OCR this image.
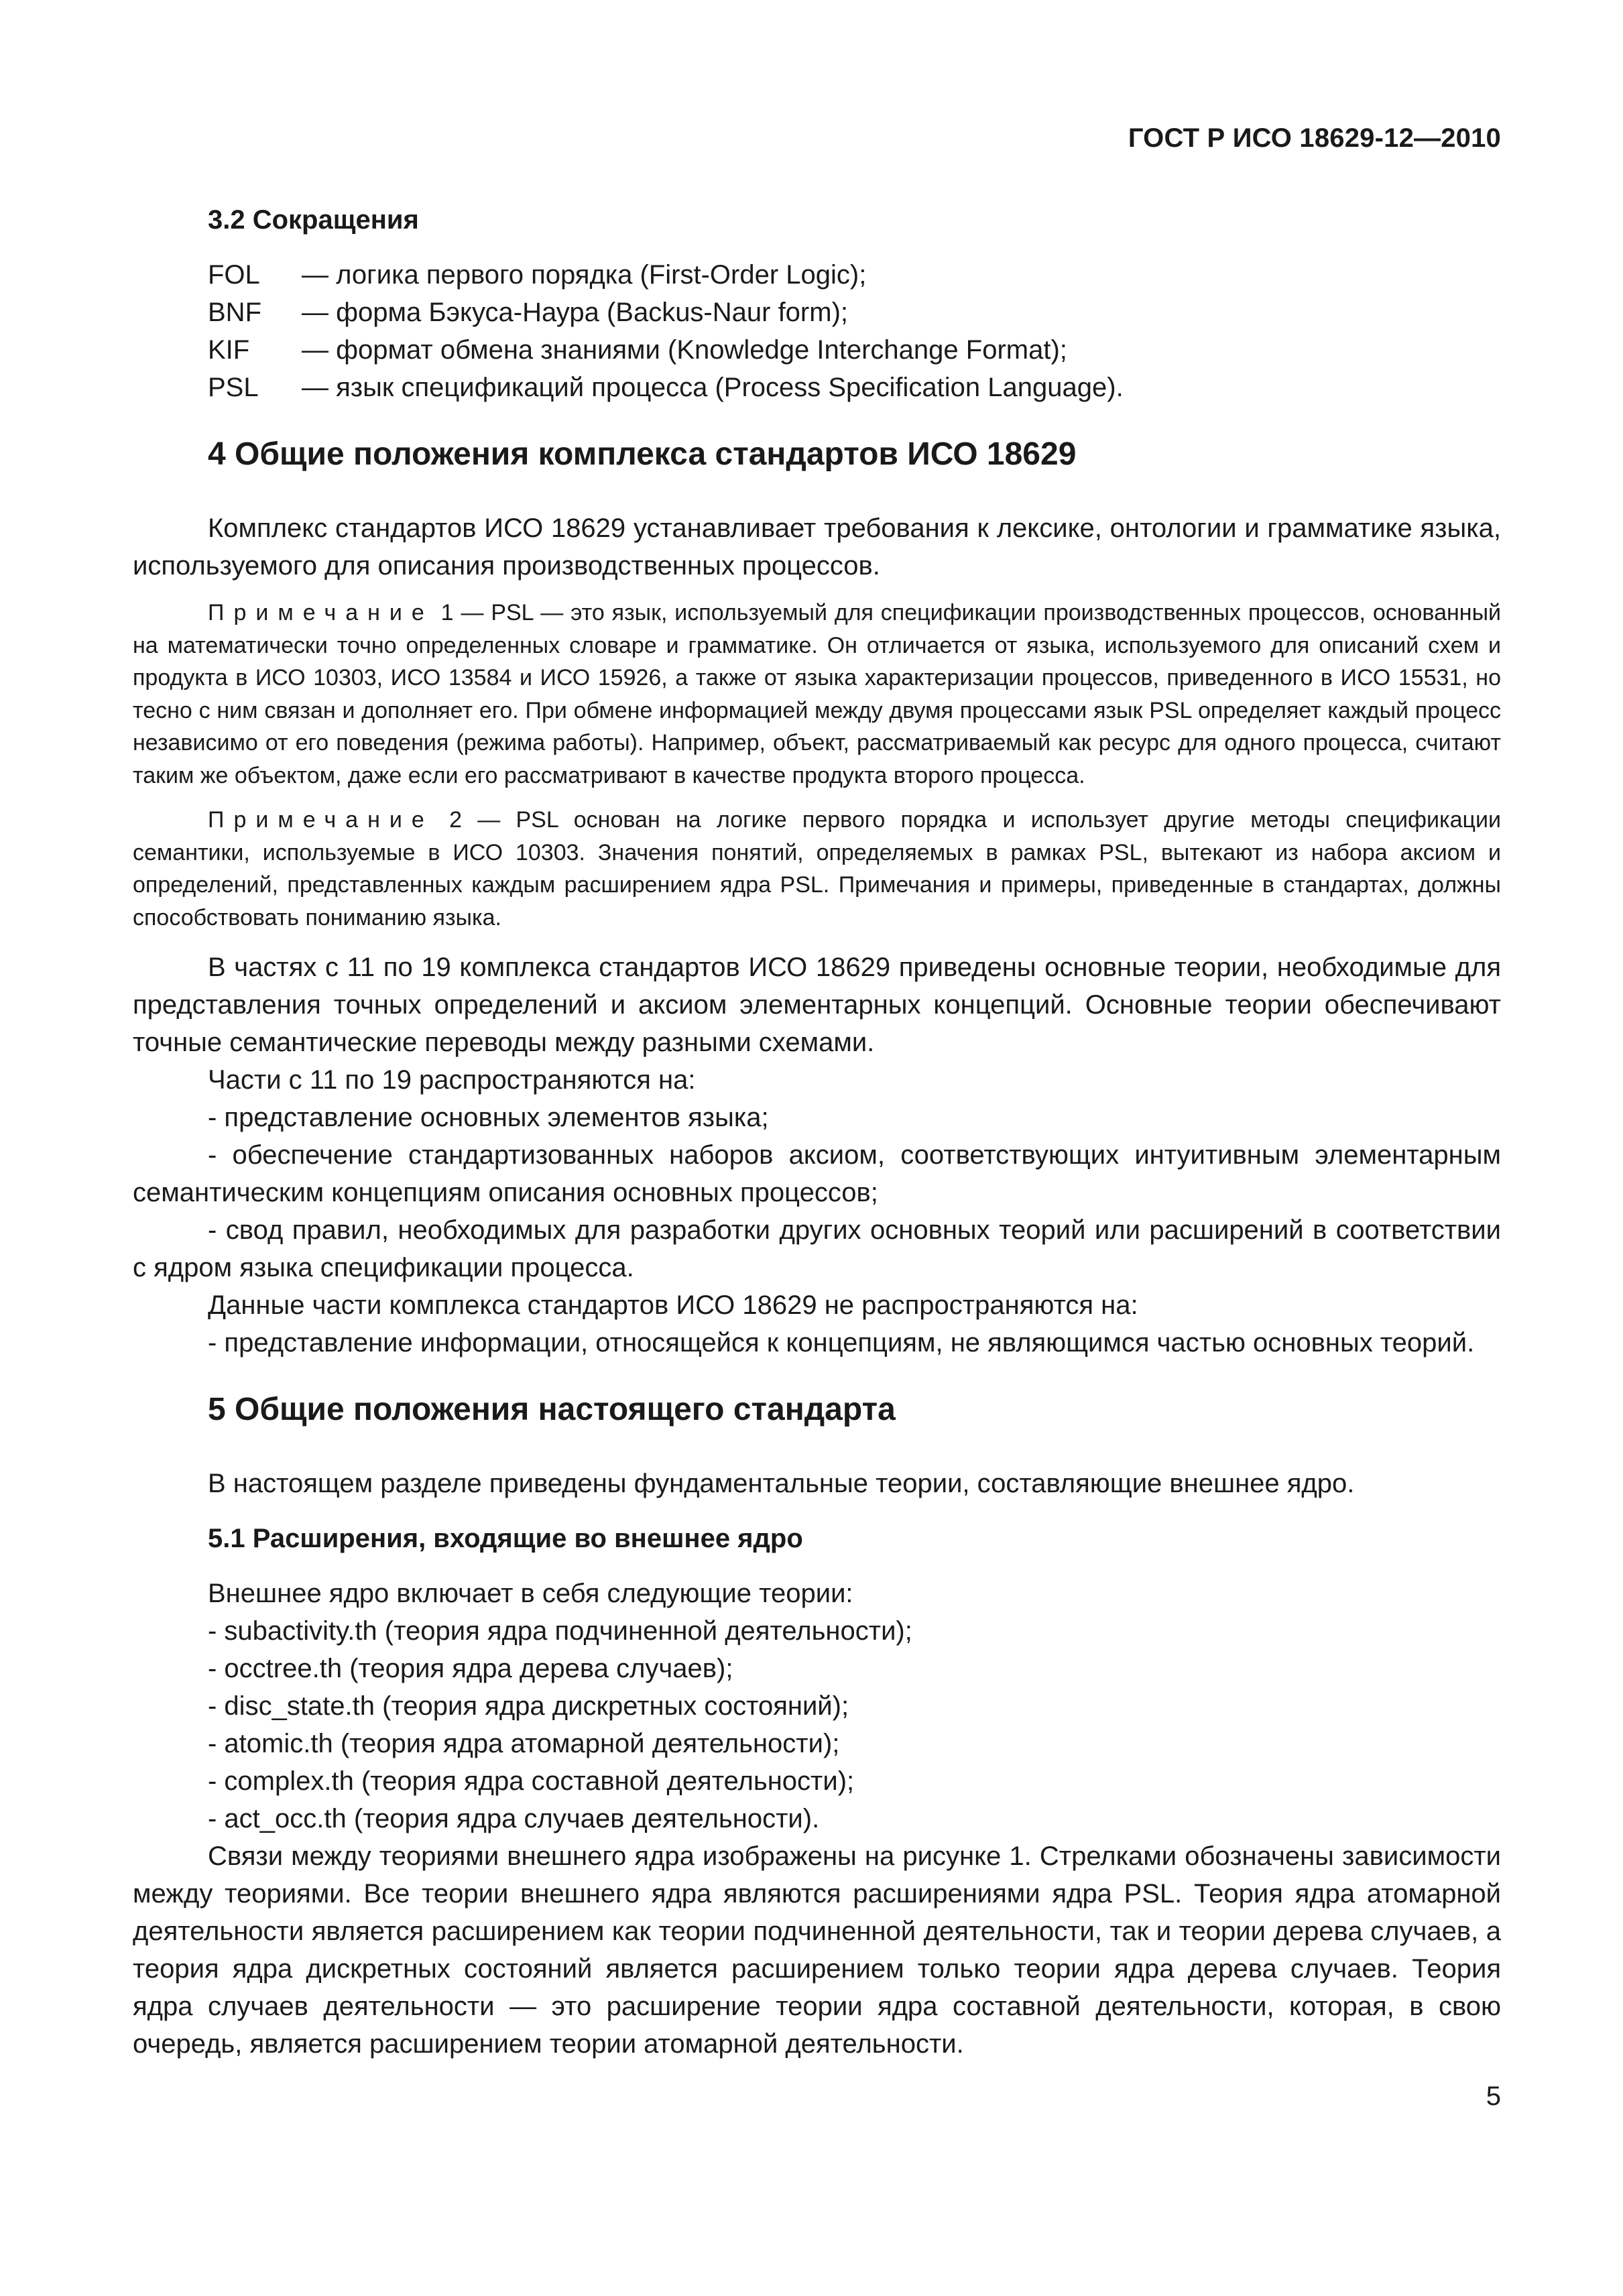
ГОСТ Р ИСО 18629-12—2010
3.2 Сокращения
FOL	— логика первого порядка (First-Order Logic);
BNF	— форма Бэкуса-Наура (Backus-Naur form);
KIF	— формат обмена знаниями (Knowledge Interchange Format);
PSL	— язык спецификаций процесса (Process Specification Language).
4 Общие положения комплекса стандартов ИСО 18629

Комплекс стандартов ИСО 18629 устанавливает требования к лексике, онтологии и грамматике языка, используемого для описания производственных процессов.

Примечание 1 — PSL — это язык, используемый для спецификации производственных процессов, основанный на математически точно определенных словаре и грамматике. Он отличается от языка, используемого для описаний схем и продукта в ИСО 10303, ИСО 13584 и ИСО 15926, а также от языка характеризации процессов, приведенного в ИСО 15531, но тесно с ним связан и дополняет его. При обмене информацией между двумя процессами язык PSL определяет каждый процесс независимо от его поведения (режима работы). Например, объект, рассматриваемый как ресурс для одного процесса, считают таким же объектом, даже если его рассматривают в качестве продукта второго процесса.

Примечание 2 — PSL основан на логике первого порядка и использует другие методы спецификации семантики, используемые в ИСО 10303. Значения понятий, определяемых в рамках PSL, вытекают из набора аксиом и определений, представленных каждым расширением ядра PSL. Примечания и примеры, приведенные в стандартах, должны способствовать пониманию языка.

В частях с 11 по 19 комплекса стандартов ИСО 18629 приведены основные теории, необходимые для представления точных определений и аксиом элементарных концепций. Основные теории обеспечивают точные семантические переводы между разными схемами.

Части с 11 по 19 распространяются на:

- представление основных элементов языка;

- обеспечение стандартизованных наборов аксиом, соответствующих интуитивным элементарным семантическим концепциям описания основных процессов;

- свод правил, необходимых для разработки других основных теорий или расширений в соответствии с ядром языка спецификации процесса.

Данные части комплекса стандартов ИСО 18629 не распространяются на:

- представление информации, относящейся к концепциям, не являющимся частью основных теорий.

5 Общие положения настоящего стандарта

В настоящем разделе приведены фундаментальные теории, составляющие внешнее ядро.

5.1 Расширения, входящие во внешнее ядро

Внешнее ядро включает в себя следующие теории:

- subactivity.th (теория ядра подчиненной деятельности);

- occtree.th (теория ядра дерева случаев);

- disc_state.th (теория ядра дискретных состояний);

- atomic.th (теория ядра атомарной деятельности);

- complex.th (теория ядра составной деятельности);

- act_occ.th (теория ядра случаев деятельности).

Связи между теориями внешнего ядра изображены на рисунке 1. Стрелками обозначены зависимости между теориями. Все теории внешнего ядра являются расширениями ядра PSL. Теория ядра атомарной деятельности является расширением как теории подчиненной деятельности, так и теории дерева случаев, а теория ядра дискретных состояний является расширением только теории ядра дерева случаев. Теория ядра случаев деятельности — это расширение теории ядра составной деятельности, которая, в свою очередь, является расширением теории атомарной деятельности.

5
